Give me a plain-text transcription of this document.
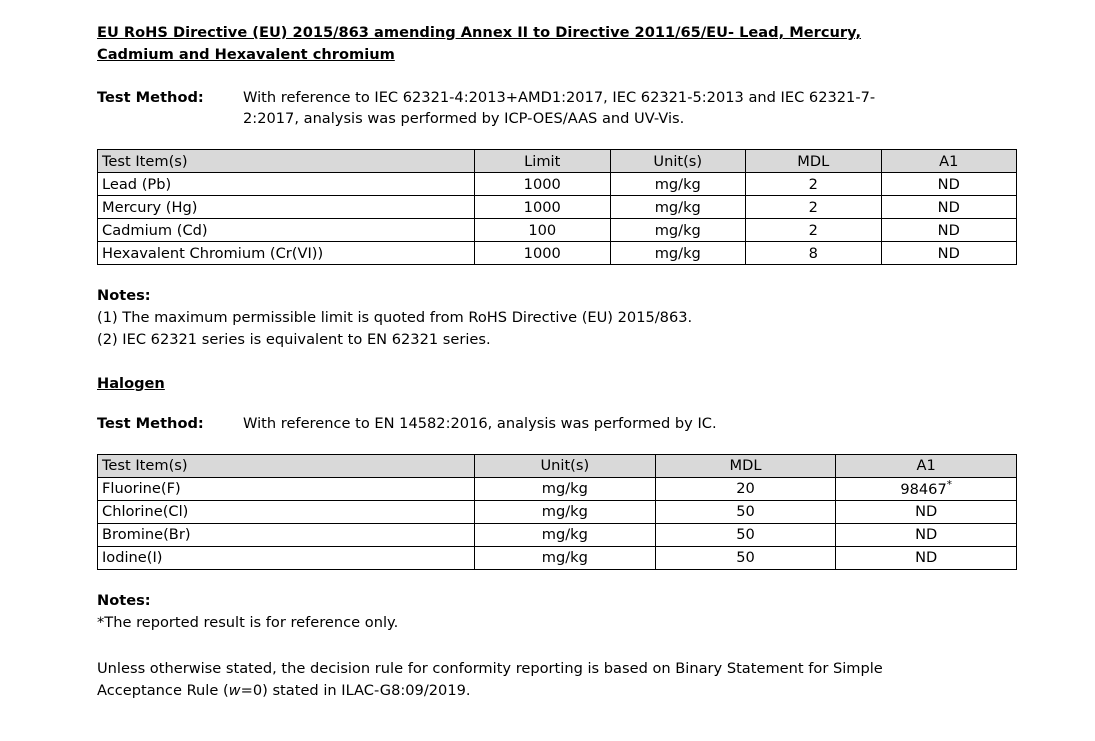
EU RoHS Directive (EU) 2015/863 amending Annex II to Directive 2011/65/EU- Lead, Mercury,
Cadmium and Hexavalent chromium
Test Method:	With reference to IEC 62321-4:2013+AMD1:2017, IEC 62321-5:2013 and IEC 62321-7-
2:2017, analysis was performed by ICP-OES/AAS and UV-Vis.
Test Item(s)	Limit	Unit(s)	MDL	A1
Lead (Pb)	1000	mg/kg	2	ND
Mercury (Hg)	1000	mg/kg	2	ND
Cadmium (Cd)	100	mg/kg	2	ND
Hexavalent Chromium (Cr(VI))	1000	mg/kg	8	ND
Notes:
(1) The maximum permissible limit is quoted from RoHS Directive (EU) 2015/863.
(2) IEC 62321 series is equivalent to EN 62321 series.
Halogen
Test Method:	With reference to EN 14582:2016, analysis was performed by IC.
Test Item(s)	Unit(s)	MDL	A1
Fluorine(F)	mg/kg	20	98467*
Chlorine(Cl)	mg/kg	50	ND
Bromine(Br)	mg/kg	50	ND
Iodine(I)	mg/kg	50	ND
Notes:
*The reported result is for reference only.
Unless otherwise stated, the decision rule for conformity reporting is based on Binary Statement for Simple
Acceptance Rule (w=0) stated in ILAC-G8:09/2019.
